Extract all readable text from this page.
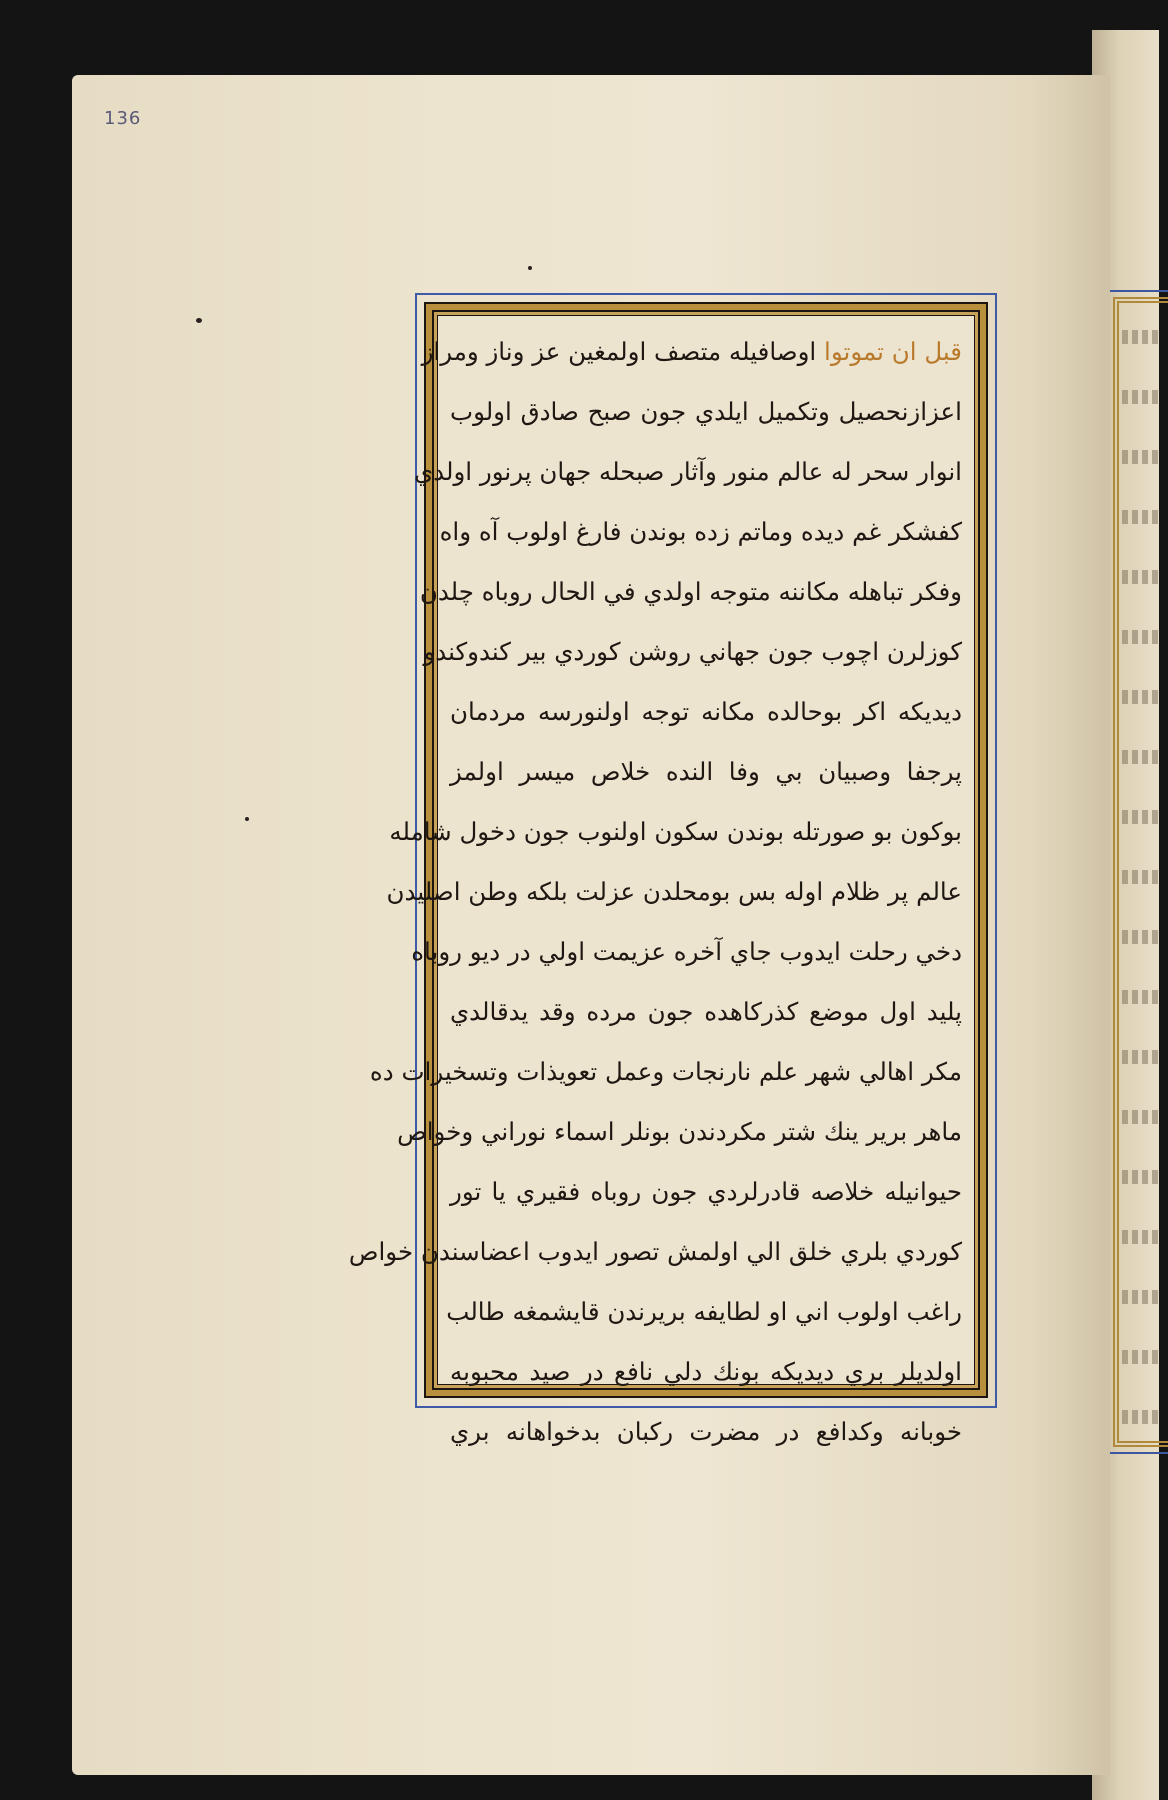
136
قبل ان تموتوا اوصافيله متصف اولمغين عز وناز ومراز
اعزازنحصيل وتكميل ايلدي جون صبح صادق اولوب
انوار سحر له عالم منور وآثار صبحله جهان پرنور اولدي
كفشكر غم ديده وماتم زده بوندن فارغ اولوب آه واه
وفكر تباهله مكاننه متوجه اولدي في الحال روباه چلدن
كوزلرن اچوب جون جهاني روشن كوردي بير كندوكندو
ديديكه اكر بوحالده مكانه توجه اولنورسه مردمان
پرجفا وصبيان بي وفا النده خلاص ميسر اولمز
بوكون بو صورتله بوندن سكون اولنوب جون دخول شامله
عالم پر ظلام اوله بس بومحلدن عزلت بلكه وطن اصليدن
دخي رحلت ايدوب جاي آخره عزيمت اولي در ديو روباه
پليد اول موضع كذركاهده جون مرده وقد يدقالدي
مكر اهالي شهر علم نارنجات وعمل تعويذات وتسخيرات ده
ماهر برير ينك شتر مكردندن بونلر اسماء نوراني وخواص
حيوانيله خلاصه قادرلردي جون روباه فقيري يا تور
كوردي بلري خلق الي اولمش تصور ايدوب اعضاسندن خواص
راغب اولوب اني او لطايفه بريرندن قايشمغه طالب
اولديلر بري ديديكه بونك دلي نافع در صيد محبوبه
خوبانه وكدافع در مضرت ركبان بدخواهانه بري
